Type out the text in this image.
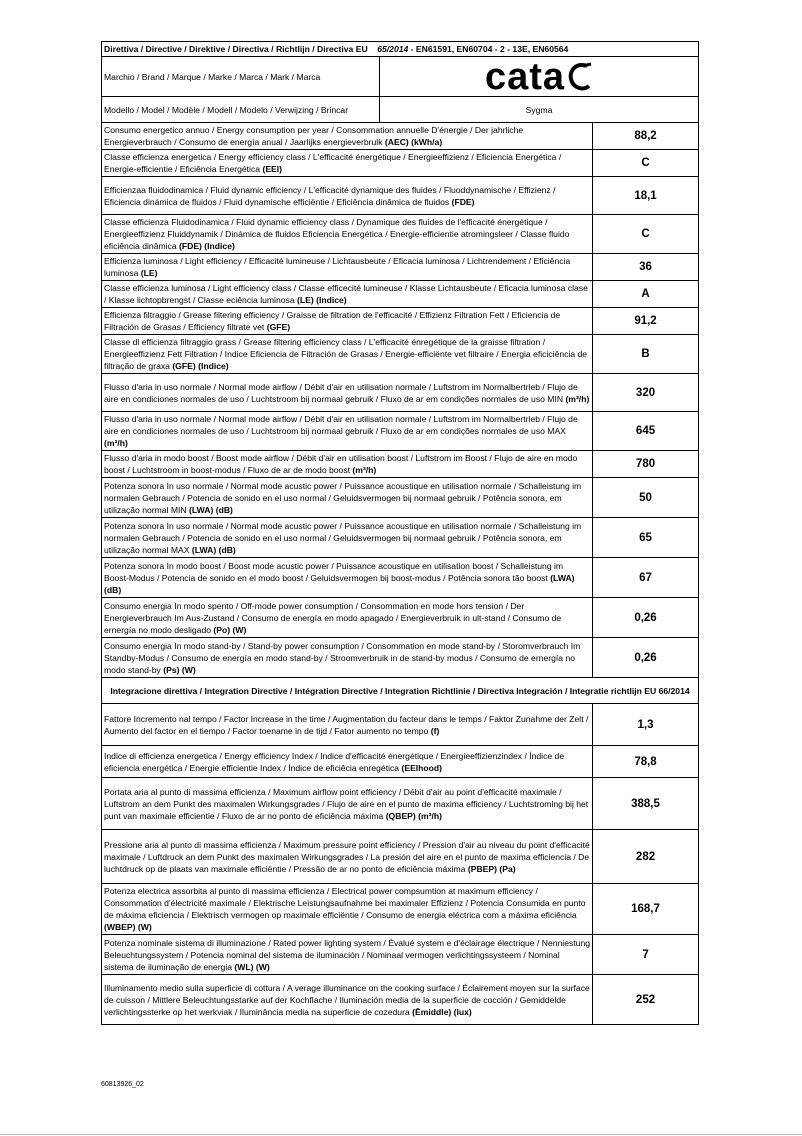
Direttiva / Directive / Direktive / Directiva / Richtlijn / Directiva EU 65/2014 - EN61591, EN60704 - 2 - 13E, EN60564		
Marchio / Brand / Marque / Marke / Marca / Mark / Marca	cata	

Modello / Model / Modèle / Modell / Modelo / Verwijzing / Brincar	Sygma	
Consumo energetico annuo / Energy consumption per year / Consommation annuelle D'énergie / Der jahrliche Energieverbrauch / Consumo de energía anual / Jaarlijks energieverbrulk (AEC) (kWh/a)		88,2
Classe efficienza energetica / Energy efficiency class / L'efficacité énergétique / Energieeffizienz / Eficiencia Energética / Energie-efficientie / Eficiência Energética (EEI)		C
Efficienzaa fluidodinamica / Fluid dynamic efficiency / L'efficacité dynamique des fluides / Fluoddynamische / Effizienz / Eficiencia dinámica de fluidos / Fluid dynamische efficiëntie / Eficiência dinâmica de fluidos (FDE)		18,1
Classe efficienza Fluidodinamica / Fluid dynamic efficiency class / Dynamique des fluides de l'efficacité énergétique / Energieeffizienz Fluiddynamik / Dinámica de fluidos Eficiencia Energética / Energie-efficientie atromingsleer / Classe fluido eficiência dinâmica (FDE) (Indice)		C
Efficienza luminosa / Light efficiency / Efficacité lumineuse / Lichtausbeute / Eficacia luminosa / Lichtrendement / Eficiência luminosa (LE)		36
Classe efficienza luminosa / Light efficiency class / Classe efficecité lumineuse / Klasse Lichtausbeute / Eficacia luminosa clase / Klasse lichtopbrengst / Classe eciência luminosa (LE) (Indice)		A
Efficienza filtraggio / Grease filtering efficiency / Graisse de filtration de l'efficacité / Effizienz Filtration Fett / Eficiencia de Filtración de Grasas / Efficiency filtrate vet (GFE)		91,2
Classe dl efficienza filtraggio grass / Grease filtering efficiency class / L'efficacité énregétique de la graisse filtration / Energieeffizienz Fett Filtration / Indice Eficiencia de Filtración de Grasas / Energie-efficiënte vet filtraire / Energia eficiciência de filtração de graxa (GFE) (Indice)		B
Flusso d'aria in uso normale / Normal mode airflow / Débit d'air en utilisation normale / Luftstrom im Normalbertrleb / Flujo de aire en condiciones normales de uso / Luchtstroom bij normaal gebruik / Fluxo de ar em condições normales de uso MIN (m³/h)		320
Flusso d'aria in uso normale / Normal mode airflow / Débit d'air en utilisation normale / Luftstrom im Normalbertrleb / Flujo de aire en condiciones normales de uso / Luchtstroom bij normaal gebruik / Fluxo de ar em condições normales de uso MAX (m³/h)		645
Flusso d'aria in modo boost / Boost mode airflow / Débit d'air en utilisation boost / Luftstrom im Boost / Flujo de aire en modo boost / Luchtstroom in boost-modus / Fluxo de ar de modo boost (m³/h)		780
Potenza sonora In uso normale / Normal mode acustic power / Puissance acoustique en utilisation normale / Schalleistung im normalen Gebrauch / Potencia de sonido en el uso normal / Geluidsvermogen bij normaal gebruik / Potência sonora, em utilização normal MIN (LWA) (dB)		50
Potenza sonora In uso normale / Normal mode acustic power / Puissance acoustique en utilisation normale / Schalleistung im normalen Gebrauch / Potencia de sonido en el uso normal / Geluidsvermogen bij normaal gebruik / Potência sonora, em utilização normal MAX (LWA) (dB)		65
Potenza sonora In modo boost / Boost mode acustic power / Puissance acoustique en utilisation boost / Schalleistung im Boost-Modus / Potencia de sonido en el modo boost / Geluidsvermogen bij boost-modus / Potência sonora tão boost (LWA) (dB)		67
Consumo energia In modo spento / Off-mode power consumption / Consommation en mode hors tension / Der Energieverbrauch Im Aus-Zustand / Consumo de energía en modo apagado / Energieverbruik in ult-stand / Consumo de ernergía no modo desligado (Po) (W)		0,26
Consumo energia In modo stand-by / Stand-by power consumption / Consommation en mode stand-by / Storomverbrauch Im Standby-Modus / Consumo de energía en modo stand-by / Stroomverbruik in de stand-by modus / Consumo de ernergía no modo stand-by (Ps) (W)		0,26
Integracione direttiva / Integration Directive / Intégration Directive / Integration Richtlinie / Directiva Integración / Integratie richtlijn EU 66/2014		
Fattore Incremento nal tempo / Factor Increase in the time / Augmentation du facteur dans le temps / Faktor Zunahme der Zelt / Aumento del factor en el tiempo / Factor toename in de tijd / Fator aumento no tempo (f)		1,3
Indice di efficienza energetica / Energy efficiency Index / Indice d'efficacité énergétique / Energieeffizienzindex / Índice de eficiencia energética / Energie efficientie Index / Índice de eficiêcia enregética (EElhood)		78,8
Portata aria al punto di massima efficienza / Maximum airflow point efficiency / Débit d'air au point d'efficacité maximale / Luftstrom an dem Punkt des maximalen Wirkungsgrades / Flujo de aire en el punto de maxima efficiency / Luchtstromlng bij het punt van maximale efficientie / Fluxo de ar no ponto de eficiência máxima (QBEP) (m³/h)		388,5
Pressione aria al punto di massima efficienza / Maximum pressure point efficiency / Pression d'air au niveau du point d'efficacité maximale / Luftdruck an dem Punkt des maximalen Wirkungsgrades / La presión del aire en el punto de maxima efficiencia / De luchtdruck op de plaats van maximale efficiëntie / Pressão de ar no ponto de eficiência máxima (PBEP) (Pa)		282
Potenza electrica assorbita al punto di massima efficienza / Electrical power compsumtion at maximum efficiency / Consommation d'électricité maximale / Elektrische Leistungsaufnahme bei maximaler Effizienz / Potencia Consumida en punto de máxima eficiencia / Elektrisch vermogen op maximale efficiëntie / Consumo de energia eléctrica com a máxima eficiência (WBEP) (W)		168,7
Potenza nominale sistema di illuminazione / Rated power lighting system / Évalué system e d'éclairage électrique / Nenniestung Beleuchtungssystem / Potencia nominal del sistema de iluminación / Nominaal vermogen verlichtingssysteem / Nominal sistema de iluminação de energia (WL) (W)		7
Illuminamento medio sulla superficie di cottura / A verage illuminance on the cooking surface / Éclairement moyen sur la surface de cuisson / Mittlere Beleuchtungsstarke auf der Kochflache / Iluminación media de la superficie de cocción / Gemiddelde verlichtingssterke op het werkviak / Iluminância media na superficie de cozedura (Ēmiddle) (lux)		252
60813926_02
